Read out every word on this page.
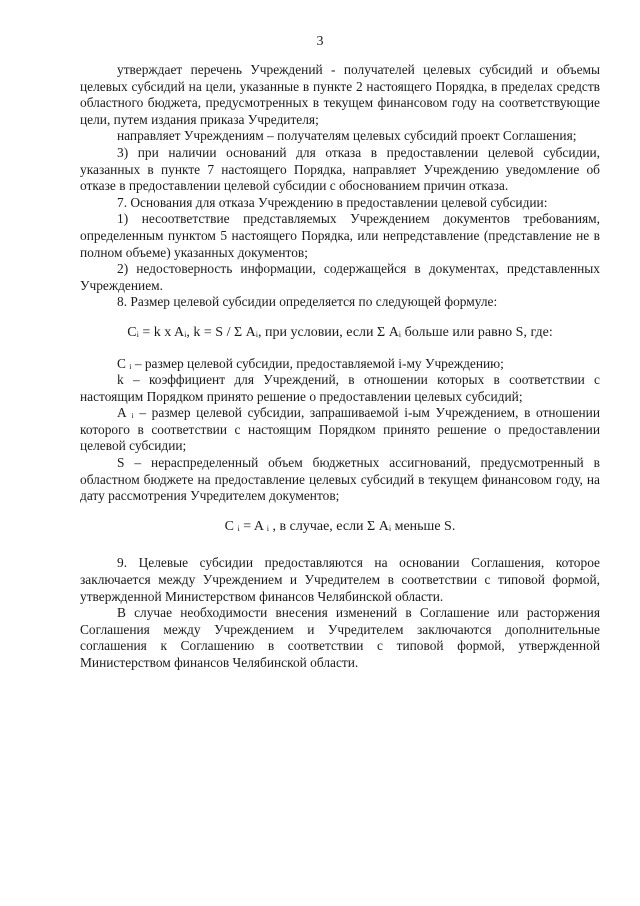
3

утверждает перечень Учреждений - получателей целевых субсидий и объемы целевых субсидий на цели, указанные в пункте 2 настоящего Порядка, в пределах средств областного бюджета, предусмотренных в текущем финансовом году на соответствующие цели, путем издания приказа Учредителя;

направляет Учреждениям – получателям целевых субсидий проект Соглашения;

3) при наличии оснований для отказа в предоставлении целевой субсидии, указанных в пункте 7 настоящего Порядка, направляет Учреждению уведомление об отказе в предоставлении целевой субсидии с обоснованием причин отказа.

7. Основания для отказа Учреждению в предоставлении целевой субсидии:

1) несоответствие представляемых Учреждением документов требованиям, определенным пунктом 5 настоящего Порядка, или непредставление (представление не в полном объеме) указанных документов;

2) недостоверность информации, содержащейся в документах, представленных Учреждением.

8. Размер целевой субсидии определяется по следующей формуле:

Cᵢ = k x Aᵢ, k = S / Σ Aᵢ, при условии, если Σ Aᵢ больше или равно S, где:

C ᵢ – размер целевой субсидии, предоставляемой i-му Учреждению;

k – коэффициент для Учреждений, в отношении которых в соответствии с настоящим Порядком принято решение о предоставлении целевых субсидий;

A ᵢ – размер целевой субсидии, запрашиваемой i-ым Учреждением, в отношении которого в соответствии с настоящим Порядком принято решение о предоставлении целевой субсидии;

S – нераспределенный объем бюджетных ассигнований, предусмотренный в областном бюджете на предоставление целевых субсидий в текущем финансовом году, на дату рассмотрения Учредителем документов;

C ᵢ = A ᵢ , в случае, если Σ Aᵢ меньше S.

9. Целевые субсидии предоставляются на основании Соглашения, которое заключается между Учреждением и Учредителем в соответствии с типовой формой, утвержденной Министерством финансов Челябинской области.

В случае необходимости внесения изменений в Соглашение или расторжения Соглашения между Учреждением и Учредителем заключаются дополнительные соглашения к Соглашению в соответствии с типовой формой, утвержденной Министерством финансов Челябинской области.
